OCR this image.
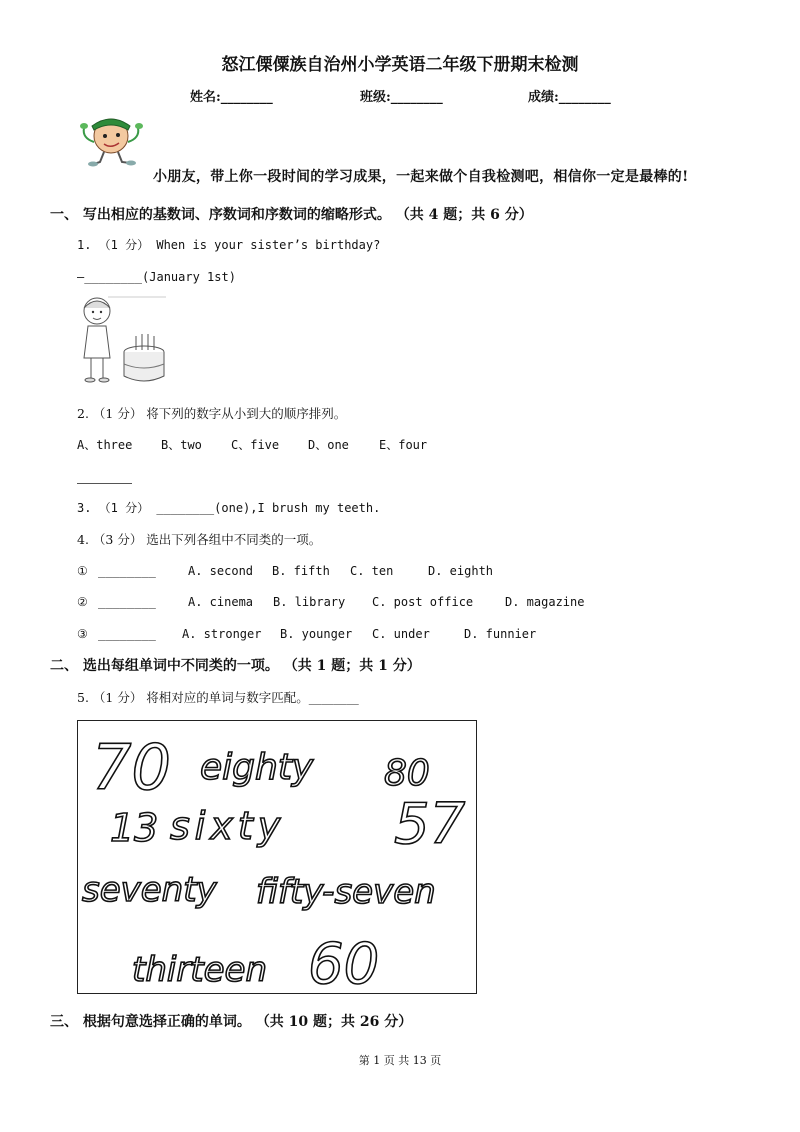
怒江傈僳族自治州小学英语二年级下册期末检测
姓名:________	班级:________	成绩:________
小朋友，带上你一段时间的学习成果，一起来做个自我检测吧，相信你一定是最棒的!
一、 写出相应的基数词、序数词和序数词的缩略形式。 （共 4 题；共 6 分）
1. （1 分） When is your sister’s birthday?
—________(January 1st)
2. （1 分） 将下列的数字从小到大的顺序排列。
A、three B、two C、five D、one	E、four
3. （1 分） ________(one),I brush my teeth.
4. （3 分） 选出下列各组中不同类的一项。
① ________	A. second B. fifth C. ten	D. eighth
② ________	A. cinema B. library C. post office	D. magazine
③ ________ A. stronger B. younger C. under	D. funnier
二、 选出每组单词中不同类的一项。 （共 1 题；共 1 分）
5. （1 分） 将相对应的单词与数字匹配。________
70 eighty 80
13 sixty 57
seventy fifty-seven
thirteen 60
三、 根据句意选择正确的单词。 （共 10 题；共 26 分）
第 1 页 共 13 页
